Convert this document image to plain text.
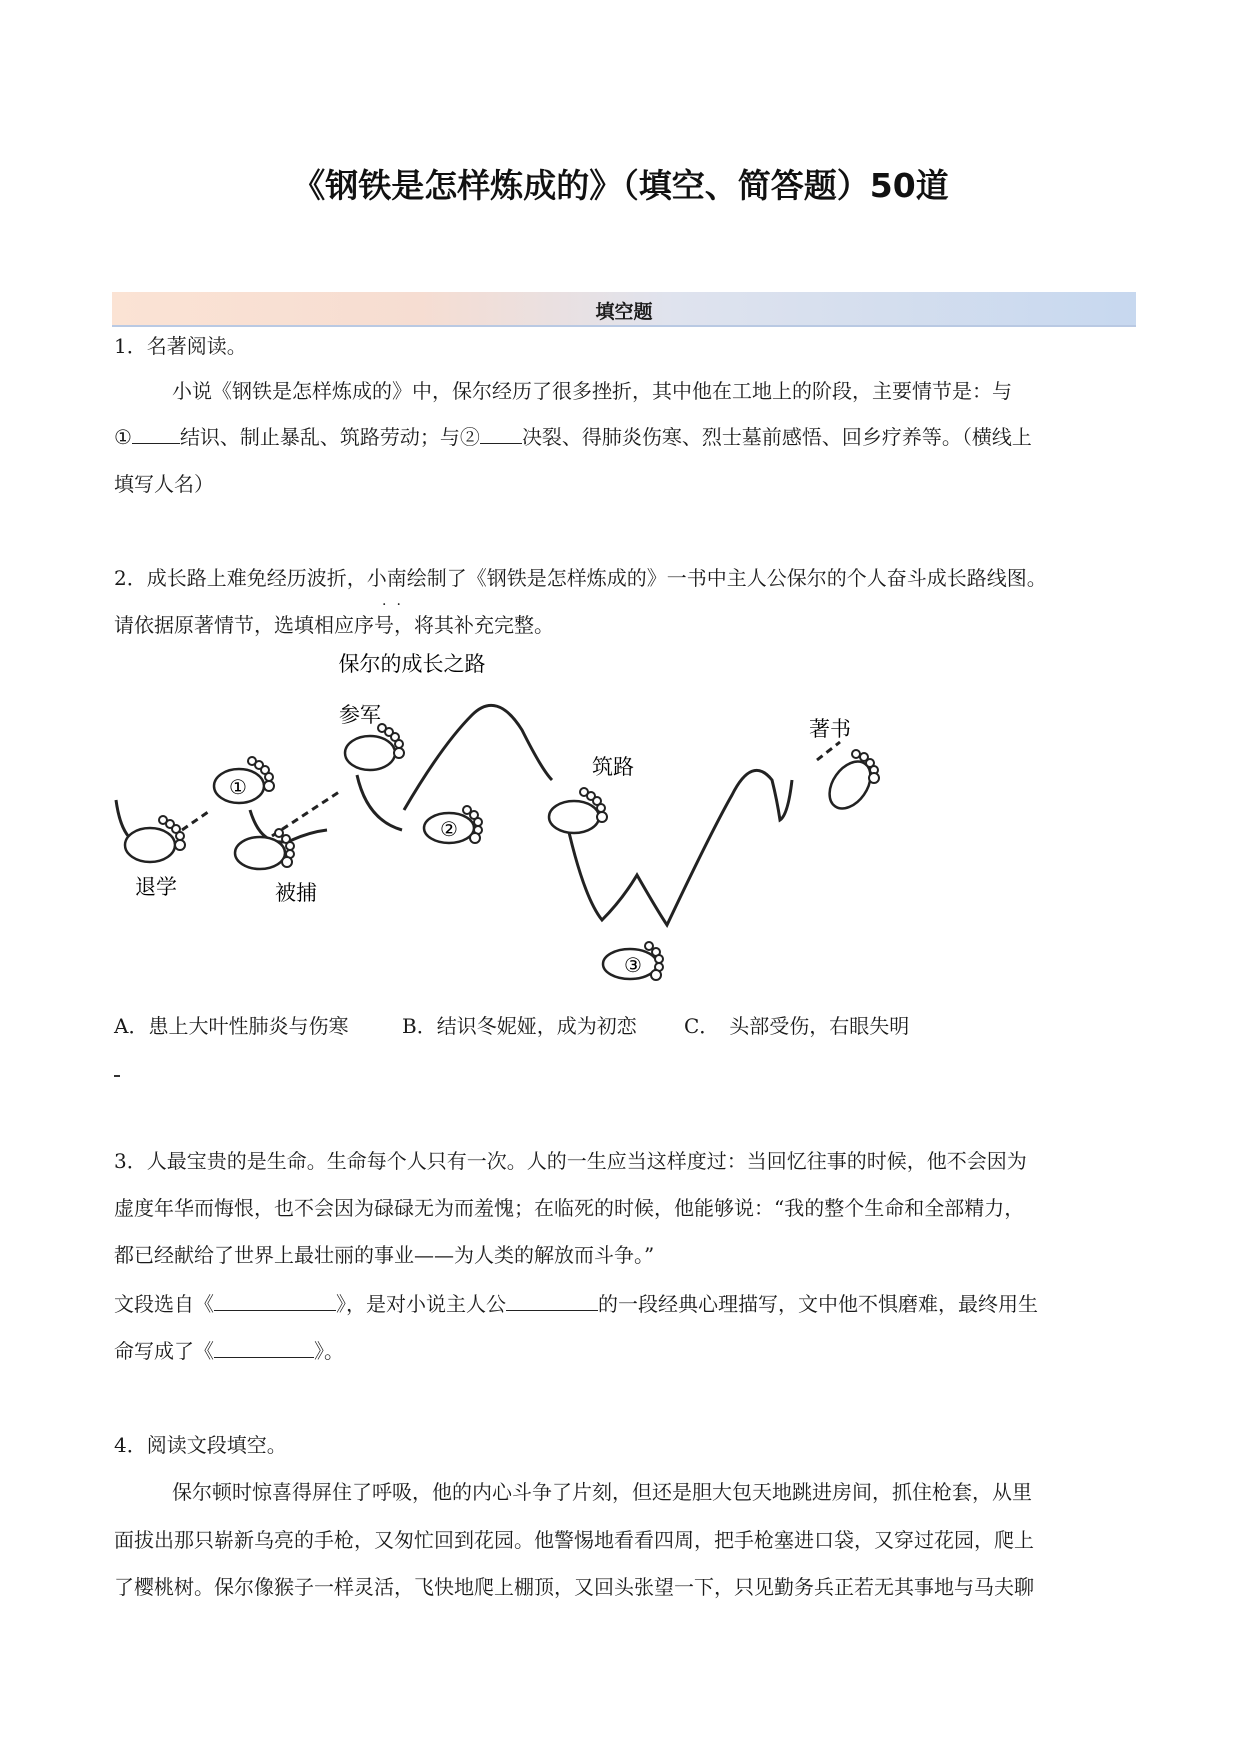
《钢铁是怎样炼成的》（填空、简答题）50道
填空题
1．名著阅读。
小说《钢铁是怎样炼成的》中，保尔经历了很多挫折，其中他在工地上的阶段，主要情节是：与
① 结识、制止暴乱、筑路劳动；与② 决裂、得肺炎伤寒、烈士墓前感悟、回乡疗养等。（横线上
填写人名）
2．成长路上难免经历波折，小南绘制了《钢铁是怎样炼成的》一书中主人公保尔的个人奋斗成长路线图。
请依据原著情节，选填相应序号，将其补充完整。
··
保尔的成长之路
①
②
③
退学	被捕
参军
筑路
著书
A．患上大叶性肺炎与伤寒	B．结识冬妮娅，成为初恋 C．　头部受伤，右眼失明
3．人最宝贵的是生命。生命每个人只有一次。人的一生应当这样度过：当回忆往事的时候，他不会因为
虚度年华而悔恨，也不会因为碌碌无为而羞愧；在临死的时候，他能够说：“我的整个生命和全部精力，
都已经献给了世界上最壮丽的事业——为人类的解放而斗争。”
文段选自《	》，是对小说主人公	的一段经典心理描写，文中他不惧磨难，最终用生
命写成了《	》。
4．阅读文段填空。
保尔顿时惊喜得屏住了呼吸，他的内心斗争了片刻，但还是胆大包天地跳进房间，抓住枪套，从里
面拔出那只崭新乌亮的手枪，又匆忙回到花园。他警惕地看看四周，把手枪塞进口袋，又穿过花园，爬上
了樱桃树。保尔像猴子一样灵活，飞快地爬上棚顶，又回头张望一下，只见勤务兵正若无其事地与马夫聊
